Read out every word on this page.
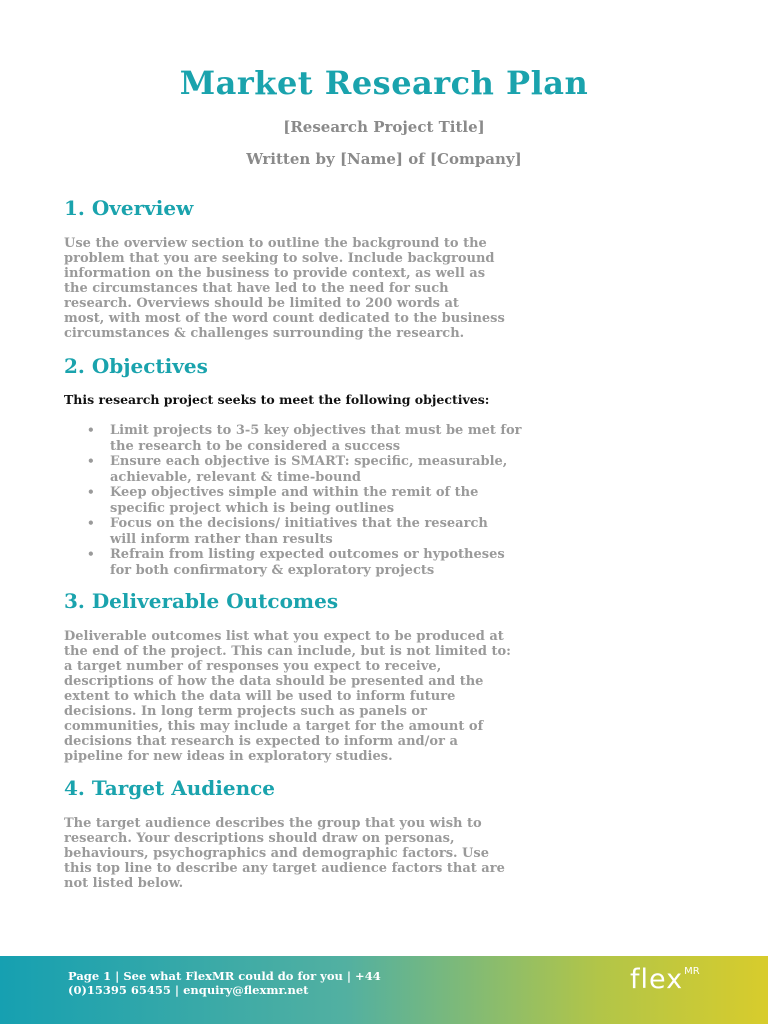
Market Research Plan

[Research Project Title]

Written by [Name] of [Company]

1. Overview

Use the overview section to outline the background to the
problem that you are seeking to solve. Include background
information on the business to provide context, as well as
the circumstances that have led to the need for such
research. Overviews should be limited to 200 words at
most, with most of the word count dedicated to the business
circumstances & challenges surrounding the research.

2. Objectives

This research project seeks to meet the following objectives:

• Limit projects to 3-5 key objectives that must be met for
the research to be considered a success
• Ensure each objective is SMART: specific, measurable,
achievable, relevant & time-bound
• Keep objectives simple and within the remit of the
specific project which is being outlines
• Focus on the decisions/ initiatives that the research
will inform rather than results
• Refrain from listing expected outcomes or hypotheses
for both confirmatory & exploratory projects
3. Deliverable Outcomes

Deliverable outcomes list what you expect to be produced at
the end of the project. This can include, but is not limited to:
a target number of responses you expect to receive,
descriptions of how the data should be presented and the
extent to which the data will be used to inform future
decisions. In long term projects such as panels or
communities, this may include a target for the amount of
decisions that research is expected to inform and/or a
pipeline for new ideas in exploratory studies.

4. Target Audience

The target audience describes the group that you wish to
research. Your descriptions should draw on personas,
behaviours, psychographics and demographic factors. Use
this top line to describe any target audience factors that are
not listed below.

Page 1 | See what FlexMR could do for you | +44
(0)15395 65455 | enquiry@flexmr.net	flex$^{MR}$
